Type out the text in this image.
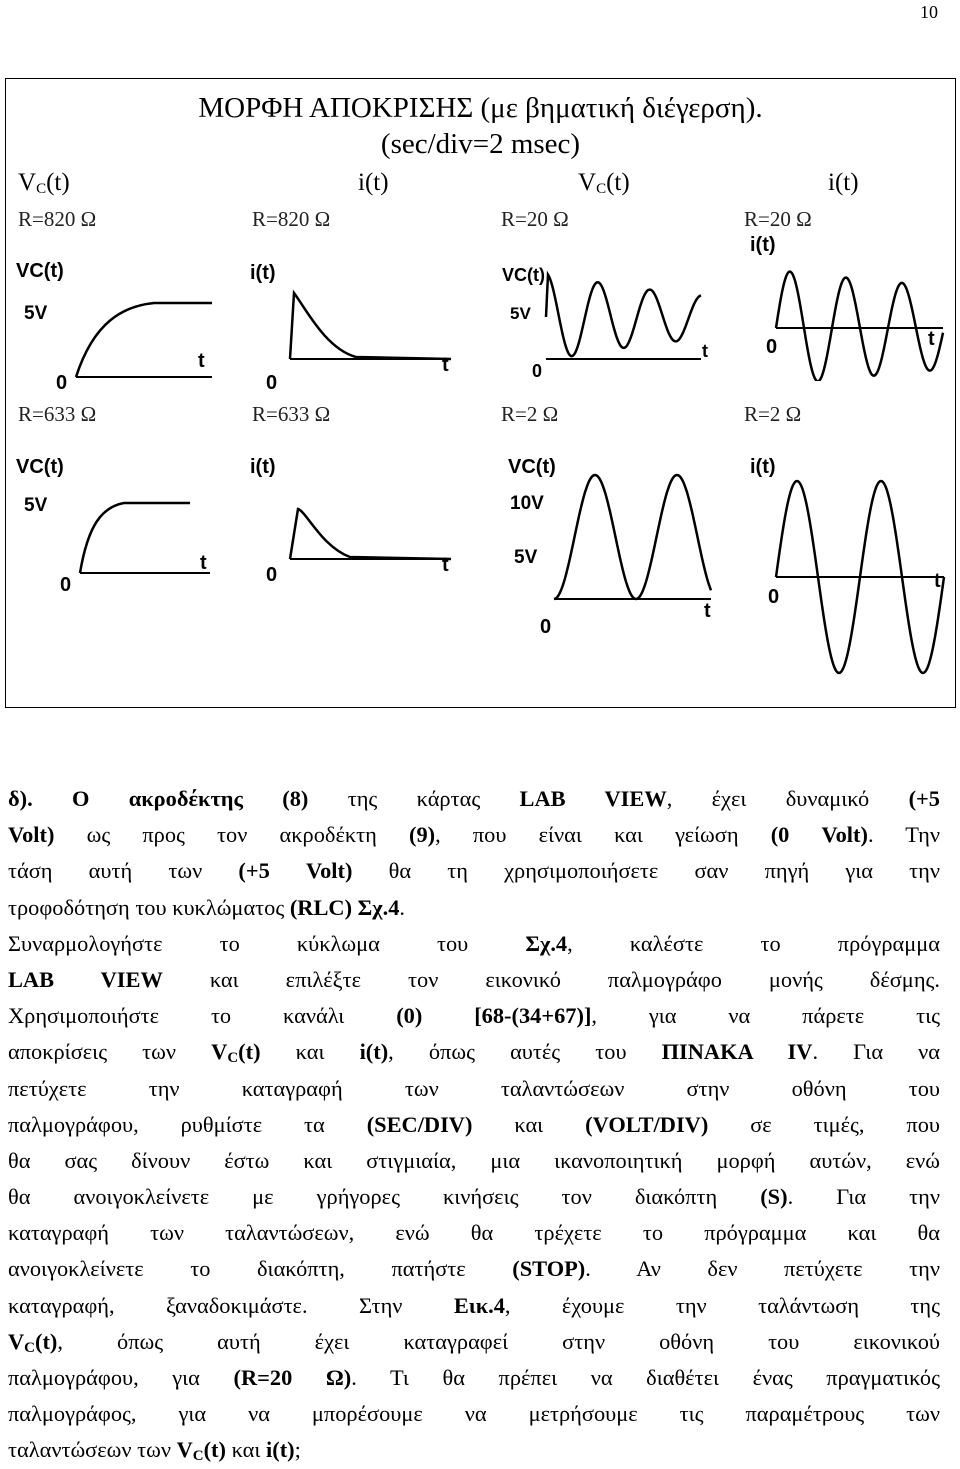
10
ΜΟΡΦΗ ΑΠΟΚΡΙΣΗΣ (με βηματική διέγερση).
(sec/div=2 msec)
$V_C(t)$	i(t)	$V_C(t)$	i(t)
R=820 Ω	R=820 Ω	R=20 Ω	R=20 Ω
R=633 Ω	R=633 Ω	R=2 Ω	R=2 Ω
VC(t)
5V
0
t
i(t)
0
t
VC(t)
5V
0
t
i(t)
0	t
VC(t)
5V
0
t
i(t)
0	t
VC(t)
10V
5V
0
t
i(t)
0
t
δ). Ο ακροδέκτης (8) της κάρτας LAB VIEW, έχει δυναμικό (+5
Volt) ως προς τον ακροδέκτη (9), που είναι και γείωση (0 Volt). Την
τάση αυτή των (+5 Volt) θα τη χρησιμοποιήσετε σαν πηγή για την
τροφοδότηση του κυκλώματος (RLC) Σχ.4.
Συναρμολογήστε το κύκλωμα του Σχ.4, καλέστε το πρόγραμμα
LAB VIEW και επιλέξτε τον εικονικό παλμογράφο μονής δέσμης.
Χρησιμοποιήστε το κανάλι (0) [68-(34+67)], για να πάρετε τις
αποκρίσεις των $V_C(t)$ και i(t), όπως αυτές του ΠΙΝΑΚΑ IV. Για να
πετύχετε την καταγραφή των ταλαντώσεων στην οθόνη του
παλμογράφου, ρυθμίστε τα (SEC/DIV) και (VOLT/DIV) σε τιμές, που
θα σας δίνουν έστω και στιγμιαία, μια ικανοποιητική μορφή αυτών, ενώ
θα ανοιγοκλείνετε με γρήγορες κινήσεις τον διακόπτη (S). Για την
καταγραφή των ταλαντώσεων, ενώ θα τρέχετε το πρόγραμμα και θα
ανοιγοκλείνετε το διακόπτη, πατήστε (STOP). Αν δεν πετύχετε την
καταγραφή, ξαναδοκιμάστε. Στην Εικ.4, έχουμε την ταλάντωση της
$V_C(t)$, όπως αυτή έχει καταγραφεί στην οθόνη του εικονικού
παλμογράφου, για (R=20 Ω). Τι θα πρέπει να διαθέτει ένας πραγματικός
παλμογράφος, για να μπορέσουμε να μετρήσουμε τις παραμέτρους των
ταλαντώσεων των $V_C(t)$ και i(t);
